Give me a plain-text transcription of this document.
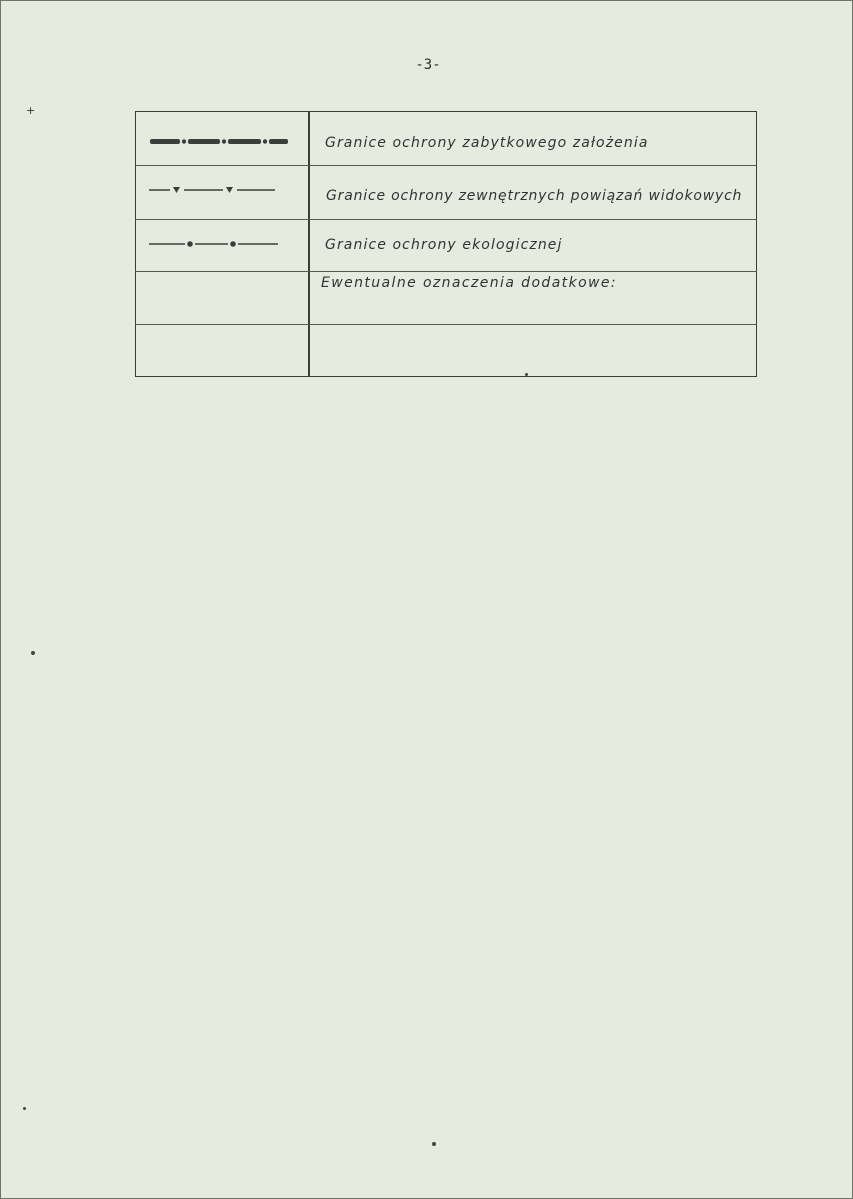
-3-
Granice ochrony zabytkowego założenia
Granice ochrony zewnętrznych powiązań widokowych
Granice ochrony ekologicznej
Ewentualne oznaczenia dodatkowe:
+
